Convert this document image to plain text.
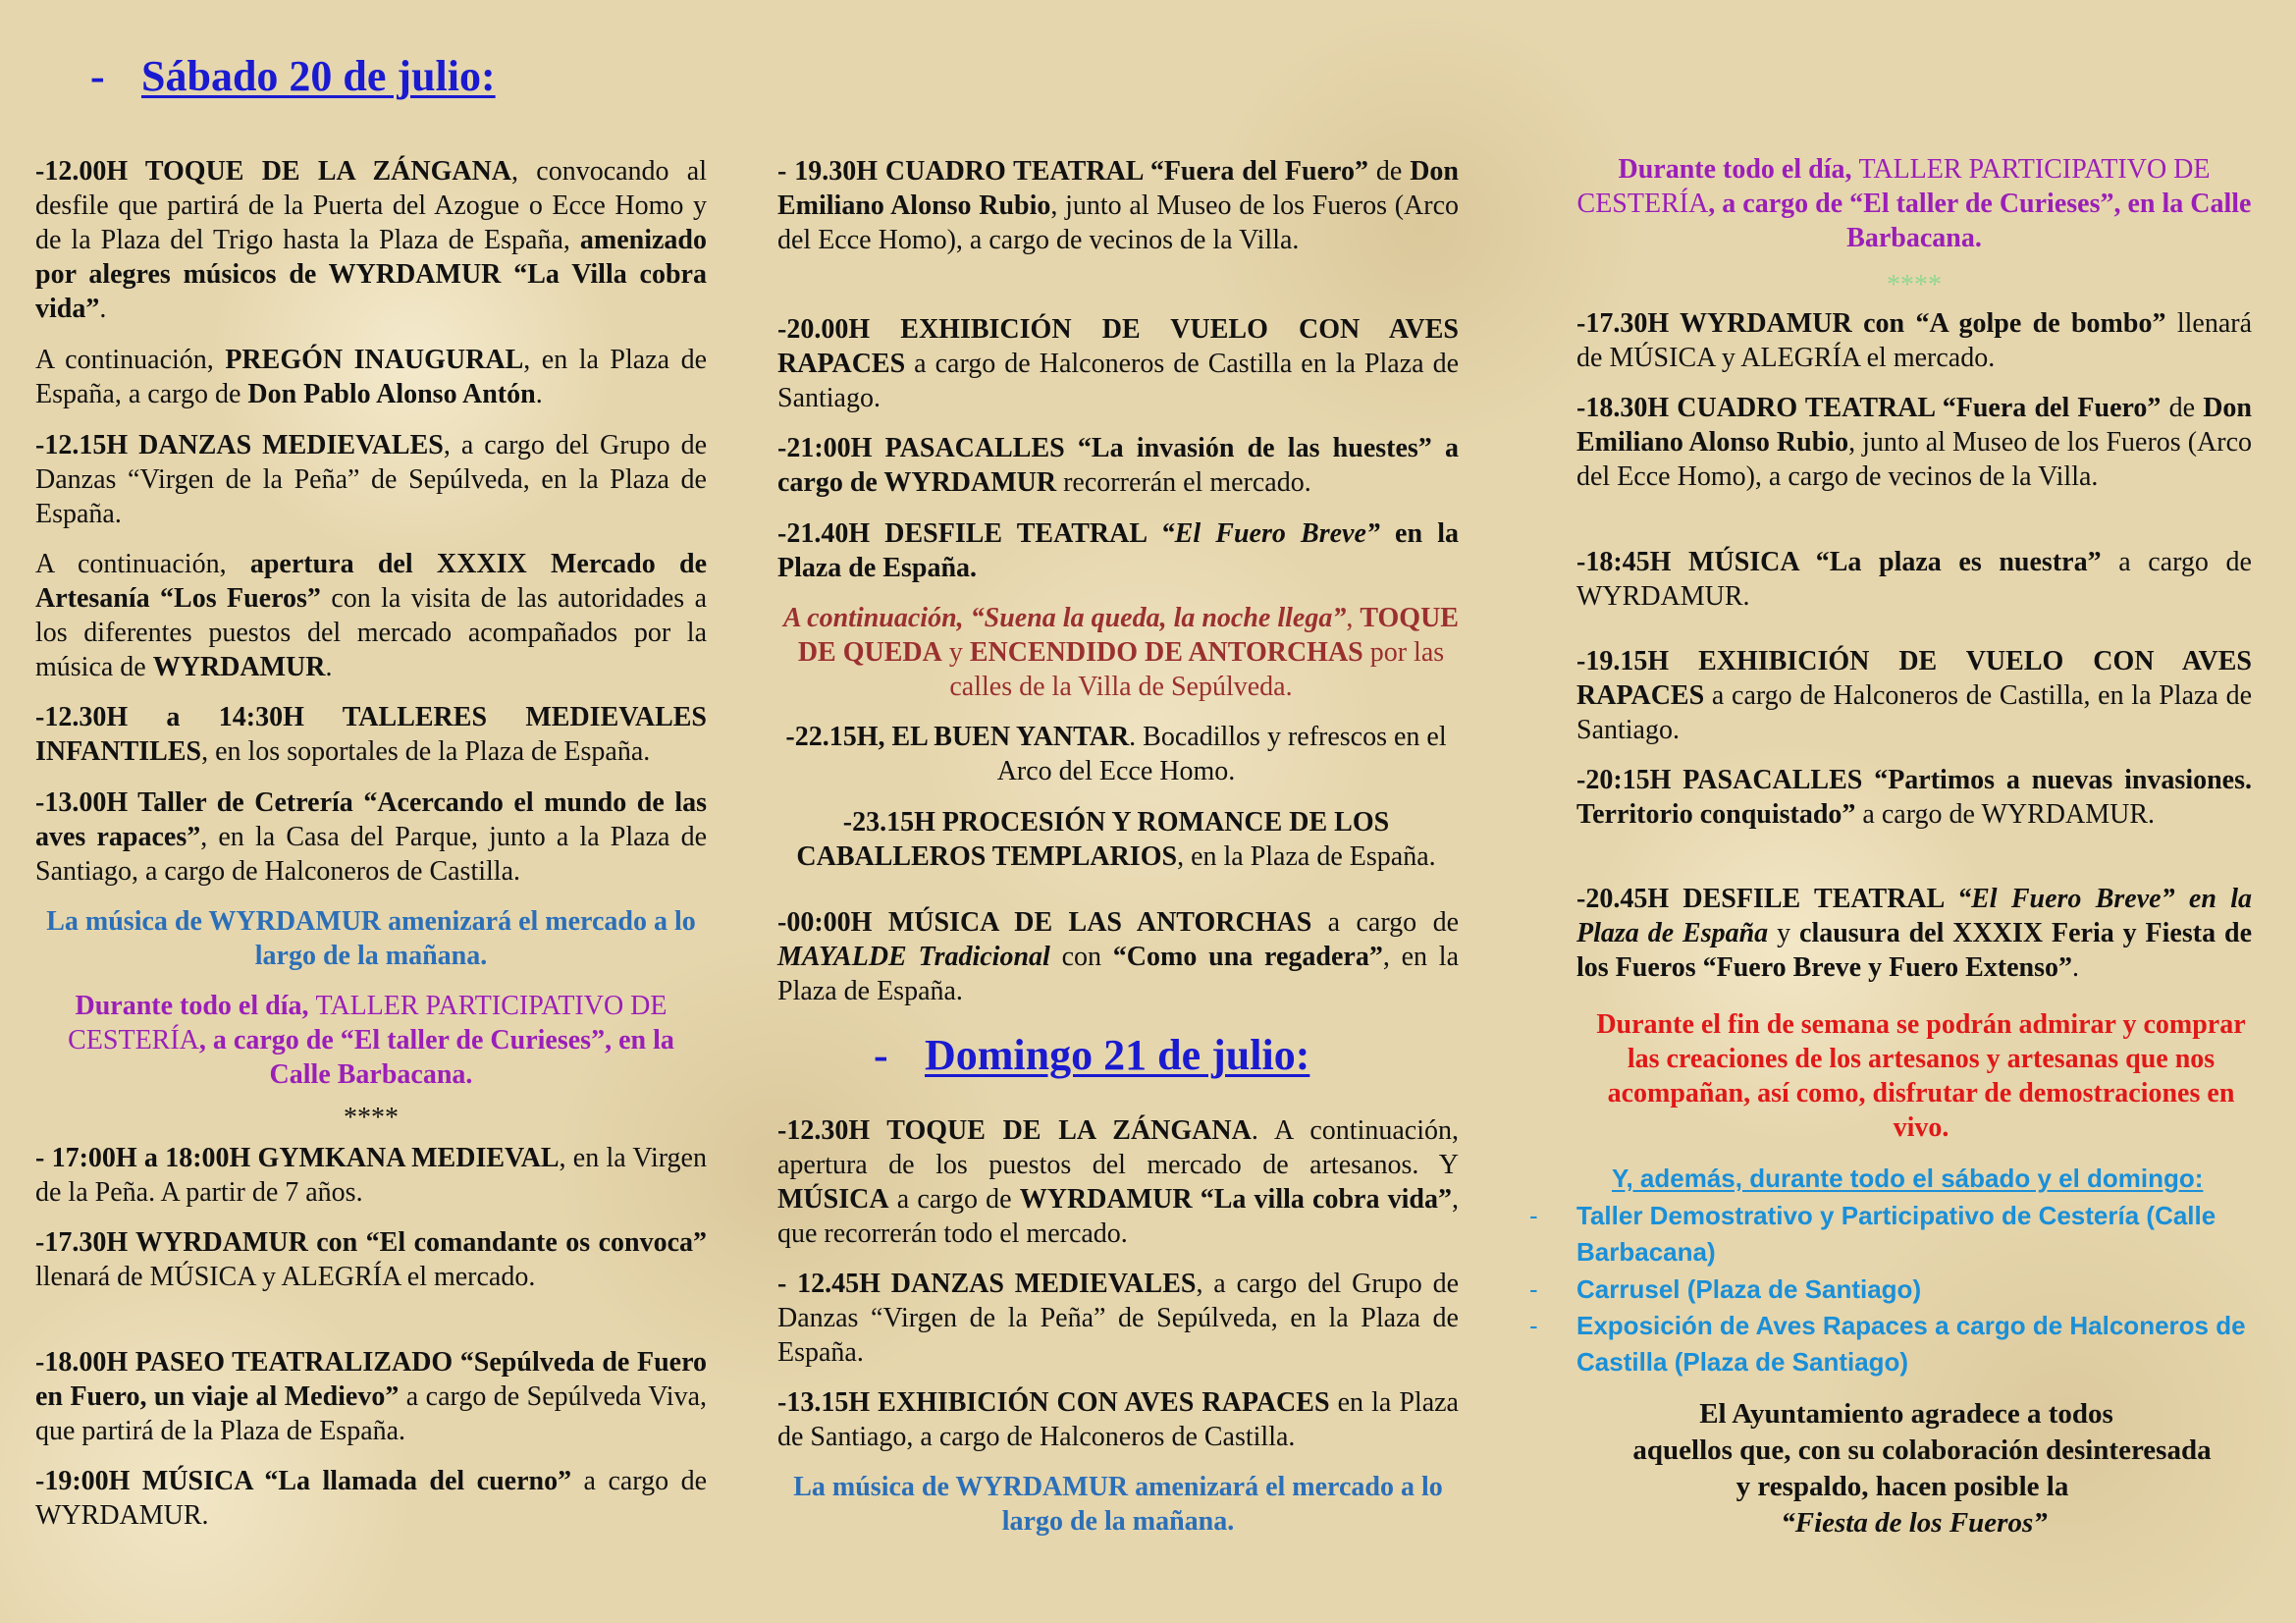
- Sábado 20 de julio:

-12.00H TOQUE DE LA ZÁNGANA, convocando al desfile que partirá de la Puerta del Azogue o Ecce Homo y de la Plaza del Trigo hasta la Plaza de España, amenizado por alegres músicos de WYRDAMUR “La Villa cobra vida”.

A continuación, PREGÓN INAUGURAL, en la Plaza de España, a cargo de Don Pablo Alonso Antón.

-12.15H DANZAS MEDIEVALES, a cargo del Grupo de Danzas “Virgen de la Peña” de Sepúlveda, en la Plaza de España.

A continuación, apertura del XXXIX Mercado de Artesanía “Los Fueros” con la visita de las autoridades a los diferentes puestos del mercado acompañados por la música de WYRDAMUR.

-12.30H a 14:30H TALLERES MEDIEVALES INFANTILES, en los soportales de la Plaza de España.

-13.00H Taller de Cetrería “Acercando el mundo de las aves rapaces”, en la Casa del Parque, junto a la Plaza de Santiago, a cargo de Halconeros de Castilla.

La música de WYRDAMUR amenizará el mercado a lo largo de la mañana.

Durante todo el día, TALLER PARTICIPATIVO DE CESTERÍA, a cargo de “El taller de Curieses”, en la Calle Barbacana.

****

- 17:00H a 18:00H GYMKANA MEDIEVAL, en la Virgen de la Peña. A partir de 7 años.

-17.30H WYRDAMUR con “El comandante os convoca” llenará de MÚSICA y ALEGRÍA el mercado.

-18.00H PASEO TEATRALIZADO “Sepúlveda de Fuero en Fuero, un viaje al Medievo” a cargo de Sepúlveda Viva, que partirá de la Plaza de España.

-19:00H MÚSICA “La llamada del cuerno” a cargo de WYRDAMUR.

- 19.30H CUADRO TEATRAL “Fuera del Fuero” de Don Emiliano Alonso Rubio, junto al Museo de los Fueros (Arco del Ecce Homo), a cargo de vecinos de la Villa.

-20.00H EXHIBICIÓN DE VUELO CON AVES RAPACES a cargo de Halconeros de Castilla en la Plaza de Santiago.

-21:00H PASACALLES “La invasión de las huestes” a cargo de WYRDAMUR recorrerán el mercado.

-21.40H DESFILE TEATRAL “El Fuero Breve” en la Plaza de España.

A continuación, “Suena la queda, la noche llega”, TOQUE DE QUEDA y ENCENDIDO DE ANTORCHAS por las calles de la Villa de Sepúlveda.

-22.15H, EL BUEN YANTAR. Bocadillos y refrescos en el Arco del Ecce Homo.

-23.15H PROCESIÓN Y ROMANCE DE LOS CABALLEROS TEMPLARIOS, en la Plaza de España.

-00:00H MÚSICA DE LAS ANTORCHAS a cargo de MAYALDE Tradicional con “Como una regadera”, en la Plaza de España.

-12.30H TOQUE DE LA ZÁNGANA. A continuación, apertura de los puestos del mercado de artesanos. Y MÚSICA a cargo de WYRDAMUR “La villa cobra vida”, que recorrerán todo el mercado.

- 12.45H DANZAS MEDIEVALES, a cargo del Grupo de Danzas “Virgen de la Peña” de Sepúlveda, en la Plaza de España.

-13.15H EXHIBICIÓN CON AVES RAPACES en la Plaza de Santiago, a cargo de Halconeros de Castilla.

La música de WYRDAMUR amenizará el mercado a lo largo de la mañana.

- Domingo 21 de julio:

Durante todo el día, TALLER PARTICIPATIVO DE CESTERÍA, a cargo de “El taller de Curieses”, en la Calle Barbacana.

****

-17.30H WYRDAMUR con “A golpe de bombo” llenará de MÚSICA y ALEGRÍA el mercado.

-18.30H CUADRO TEATRAL “Fuera del Fuero” de Don Emiliano Alonso Rubio, junto al Museo de los Fueros (Arco del Ecce Homo), a cargo de vecinos de la Villa.

-18:45H MÚSICA “La plaza es nuestra” a cargo de WYRDAMUR.

-19.15H EXHIBICIÓN DE VUELO CON AVES RAPACES a cargo de Halconeros de Castilla, en la Plaza de Santiago.

-20:15H PASACALLES “Partimos a nuevas invasiones. Territorio conquistado” a cargo de WYRDAMUR.

-20.45H DESFILE TEATRAL “El Fuero Breve” en la Plaza de España y clausura del XXXIX Feria y Fiesta de los Fueros “Fuero Breve y Fuero Extenso”.

Durante el fin de semana se podrán admirar y comprar las creaciones de los artesanos y artesanas que nos acompañan, así como, disfrutar de demostraciones en vivo.

Y, además, durante todo el sábado y el domingo:
- Taller Demostrativo y Participativo de Cestería (Calle Barbacana)
- Carrusel (Plaza de Santiago)
- Exposición de Aves Rapaces a cargo de Halconeros de Castilla (Plaza de Santiago)
El Ayuntamiento agradece a todos
aquellos que, con su colaboración desinteresada
y respaldo, hacen posible la
“Fiesta de los Fueros”
